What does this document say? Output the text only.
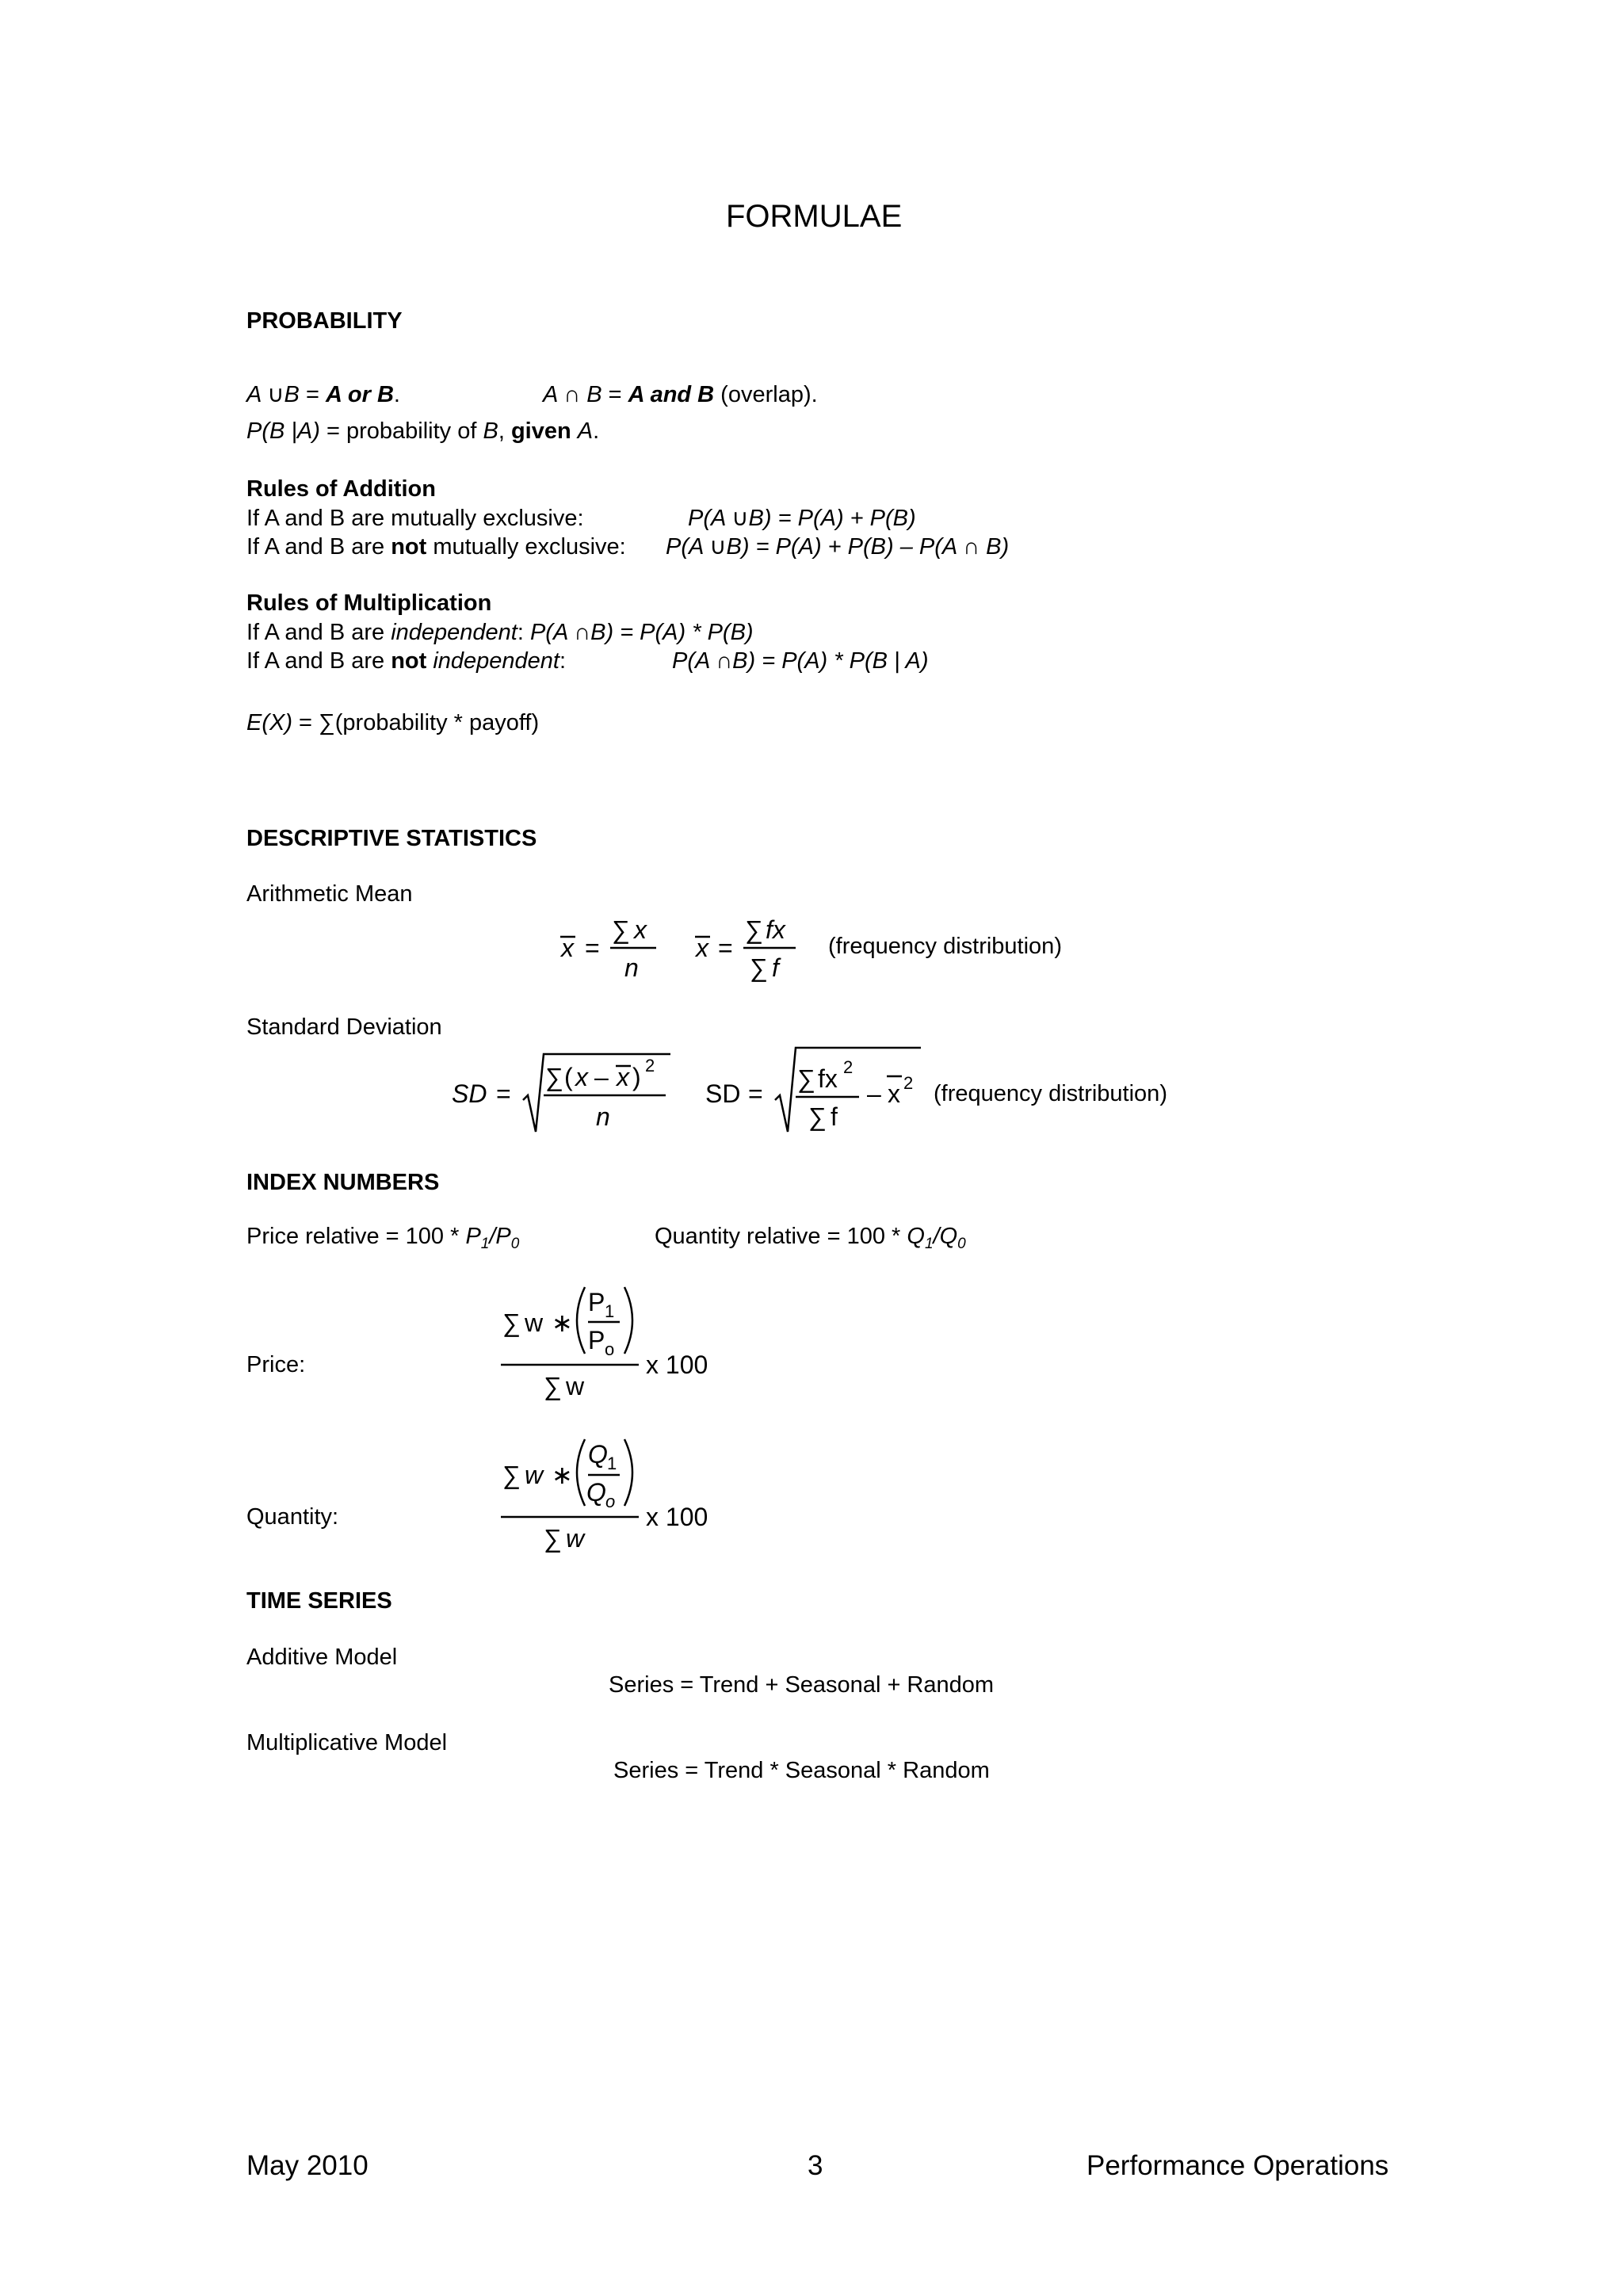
FORMULAE
PROBABILITY
A ∪B = A or B.	A ∩ B = A and B (overlap).
P(B |A) = probability of B, given A.
Rules of Addition
If A and B are mutually exclusive:	P(A ∪B) = P(A) + P(B)
If A and B are not mutually exclusive: P(A ∪B) = P(A) + P(B) – P(A ∩ B)
Rules of Multiplication
If A and B are independent: P(A ∩B) = P(A) * P(B)
If A and B are not independent:	P(A ∩B) = P(A) * P(B | A)
E(X) = ∑(probability * payoff)
DESCRIPTIVE STATISTICS
Arithmetic Mean
x =
∑ x
n
x =
∑ fx
∑ f
(frequency distribution)
Standard Deviation
SD =
∑ ( x – x ) 2
n
SD =
∑ fx 2
∑ f
– x 2 (frequency distribution)
INDEX NUMBERS
Price relative = $100 * P_1/P_0$	Quantity relative = $100 * Q_1/Q_0$
Price:
∑ w ∗
P 1
P o
∑ w
x 100
Quantity:
∑ w ∗
Q 1
Q o
∑ w
x 100
TIME SERIES
Additive Model
Series = Trend + Seasonal + Random
Multiplicative Model
Series = Trend * Seasonal * Random
May 2010	3	Performance Operations
